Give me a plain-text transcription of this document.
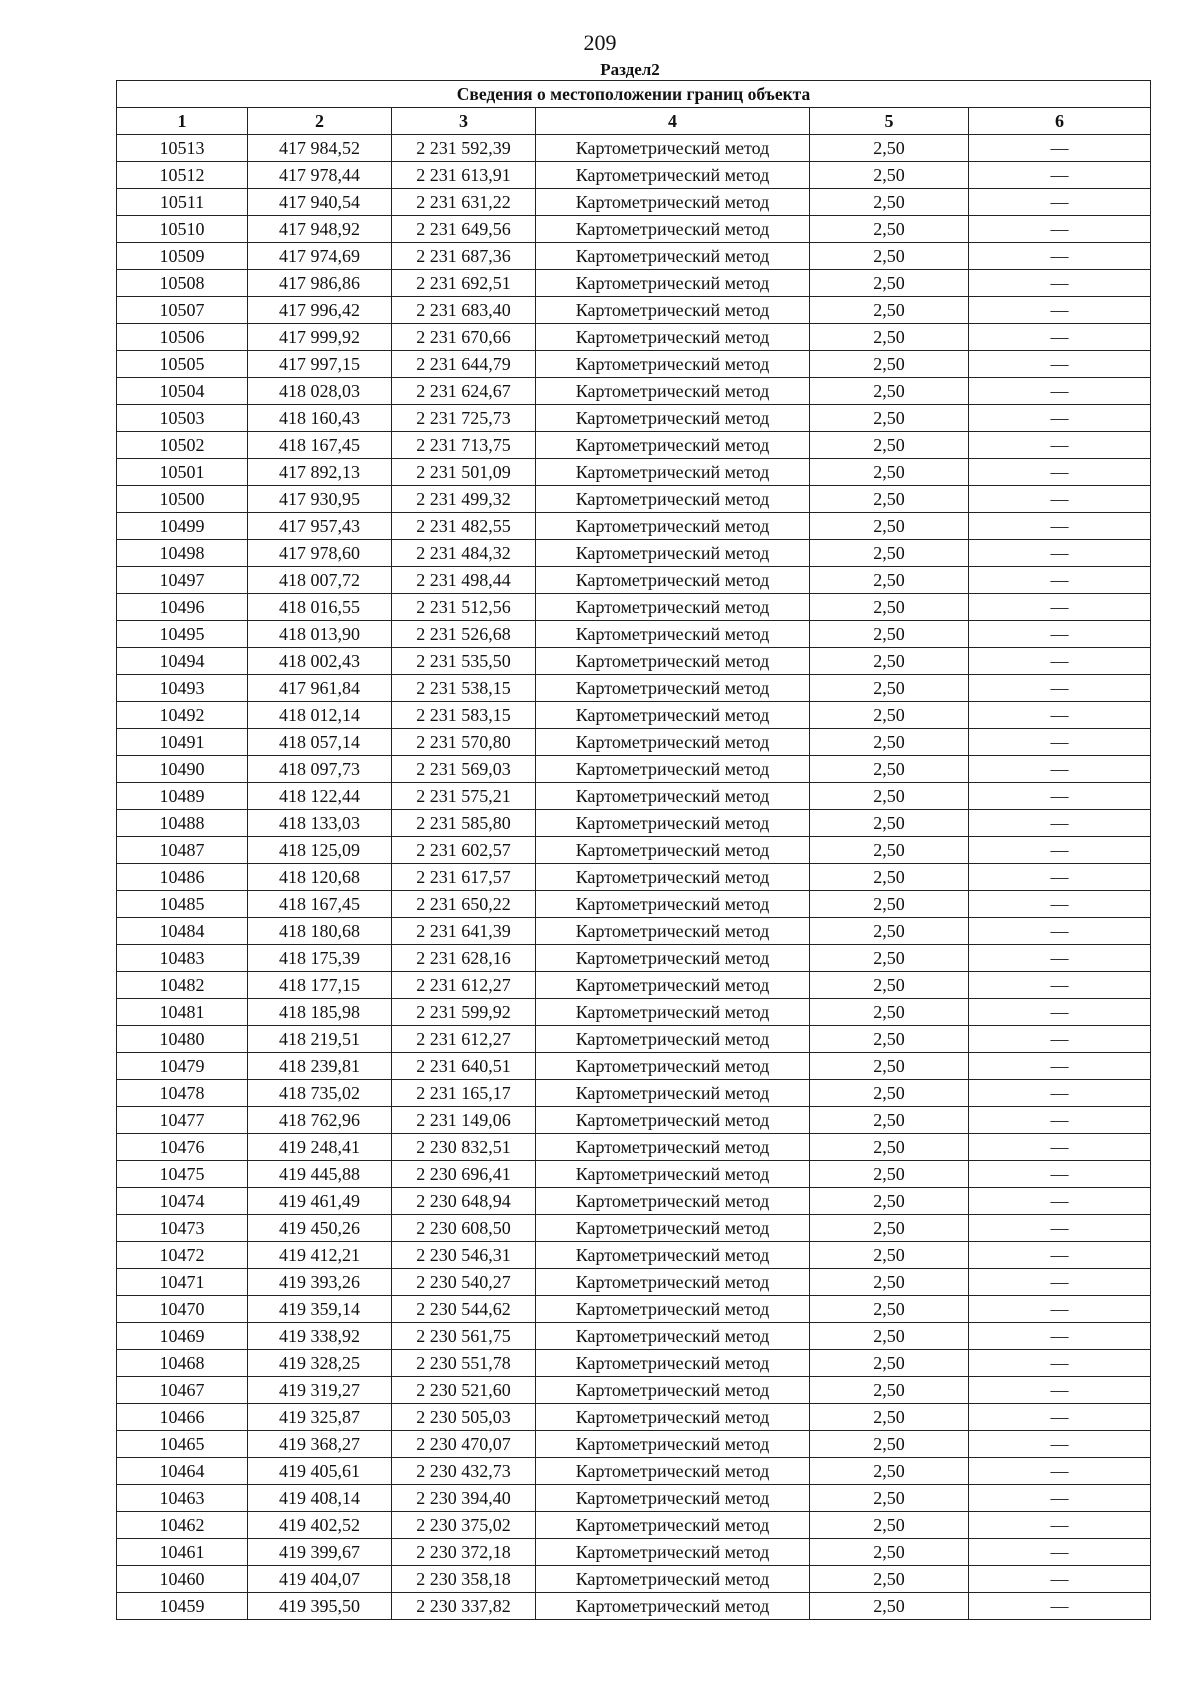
209
Раздел2
Сведения о местоположении границ объекта					
1	2	3	4	5	6
10513	417 984,52	2 231 592,39	Картометрический метод	2,50	—
10512	417 978,44	2 231 613,91	Картометрический метод	2,50	—
10511	417 940,54	2 231 631,22	Картометрический метод	2,50	—
10510	417 948,92	2 231 649,56	Картометрический метод	2,50	—
10509	417 974,69	2 231 687,36	Картометрический метод	2,50	—
10508	417 986,86	2 231 692,51	Картометрический метод	2,50	—
10507	417 996,42	2 231 683,40	Картометрический метод	2,50	—
10506	417 999,92	2 231 670,66	Картометрический метод	2,50	—
10505	417 997,15	2 231 644,79	Картометрический метод	2,50	—
10504	418 028,03	2 231 624,67	Картометрический метод	2,50	—
10503	418 160,43	2 231 725,73	Картометрический метод	2,50	—
10502	418 167,45	2 231 713,75	Картометрический метод	2,50	—
10501	417 892,13	2 231 501,09	Картометрический метод	2,50	—
10500	417 930,95	2 231 499,32	Картометрический метод	2,50	—
10499	417 957,43	2 231 482,55	Картометрический метод	2,50	—
10498	417 978,60	2 231 484,32	Картометрический метод	2,50	—
10497	418 007,72	2 231 498,44	Картометрический метод	2,50	—
10496	418 016,55	2 231 512,56	Картометрический метод	2,50	—
10495	418 013,90	2 231 526,68	Картометрический метод	2,50	—
10494	418 002,43	2 231 535,50	Картометрический метод	2,50	—
10493	417 961,84	2 231 538,15	Картометрический метод	2,50	—
10492	418 012,14	2 231 583,15	Картометрический метод	2,50	—
10491	418 057,14	2 231 570,80	Картометрический метод	2,50	—
10490	418 097,73	2 231 569,03	Картометрический метод	2,50	—
10489	418 122,44	2 231 575,21	Картометрический метод	2,50	—
10488	418 133,03	2 231 585,80	Картометрический метод	2,50	—
10487	418 125,09	2 231 602,57	Картометрический метод	2,50	—
10486	418 120,68	2 231 617,57	Картометрический метод	2,50	—
10485	418 167,45	2 231 650,22	Картометрический метод	2,50	—
10484	418 180,68	2 231 641,39	Картометрический метод	2,50	—
10483	418 175,39	2 231 628,16	Картометрический метод	2,50	—
10482	418 177,15	2 231 612,27	Картометрический метод	2,50	—
10481	418 185,98	2 231 599,92	Картометрический метод	2,50	—
10480	418 219,51	2 231 612,27	Картометрический метод	2,50	—
10479	418 239,81	2 231 640,51	Картометрический метод	2,50	—
10478	418 735,02	2 231 165,17	Картометрический метод	2,50	—
10477	418 762,96	2 231 149,06	Картометрический метод	2,50	—
10476	419 248,41	2 230 832,51	Картометрический метод	2,50	—
10475	419 445,88	2 230 696,41	Картометрический метод	2,50	—
10474	419 461,49	2 230 648,94	Картометрический метод	2,50	—
10473	419 450,26	2 230 608,50	Картометрический метод	2,50	—
10472	419 412,21	2 230 546,31	Картометрический метод	2,50	—
10471	419 393,26	2 230 540,27	Картометрический метод	2,50	—
10470	419 359,14	2 230 544,62	Картометрический метод	2,50	—
10469	419 338,92	2 230 561,75	Картометрический метод	2,50	—
10468	419 328,25	2 230 551,78	Картометрический метод	2,50	—
10467	419 319,27	2 230 521,60	Картометрический метод	2,50	—
10466	419 325,87	2 230 505,03	Картометрический метод	2,50	—
10465	419 368,27	2 230 470,07	Картометрический метод	2,50	—
10464	419 405,61	2 230 432,73	Картометрический метод	2,50	—
10463	419 408,14	2 230 394,40	Картометрический метод	2,50	—
10462	419 402,52	2 230 375,02	Картометрический метод	2,50	—
10461	419 399,67	2 230 372,18	Картометрический метод	2,50	—
10460	419 404,07	2 230 358,18	Картометрический метод	2,50	—
10459	419 395,50	2 230 337,82	Картометрический метод	2,50	—
